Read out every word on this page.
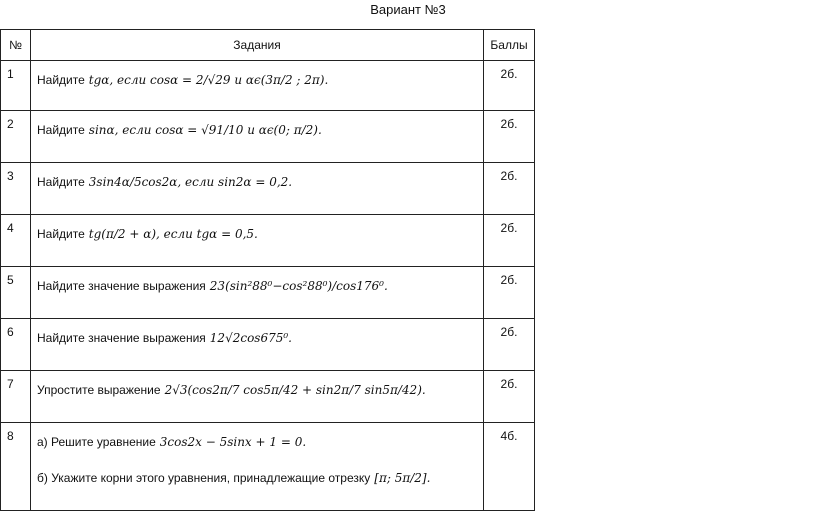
Вариант №3
№	Задания	Баллы
1	Найдите tgα, если cosα = 2/√29 и αϵ(3π/2 ; 2π).	2б.
2	Найдите sinα, если cosα = √91/10 и αϵ(0; π/2).	2б.
3	Найдите 3sin4α/5cos2α, если sin2α = 0,2.	2б.
4	Найдите tg(π/2 + α), если tgα = 0,5.	2б.
5	Найдите значение выражения 23(sin²88⁰−cos²88⁰)/cos176⁰.	2б.
6	Найдите значение выражения 12√2cos675⁰.	2б.
7	Упростите выражение 2√3(cos2π/7 cos5π/42 + sin2π/7 sin5π/42).	2б.
8	а) Решите уравнение 3cos2x − 5sinx + 1 = 0.
б) Укажите корни этого уравнения, принадлежащие отрезку [π; 5π/2].	4б.
